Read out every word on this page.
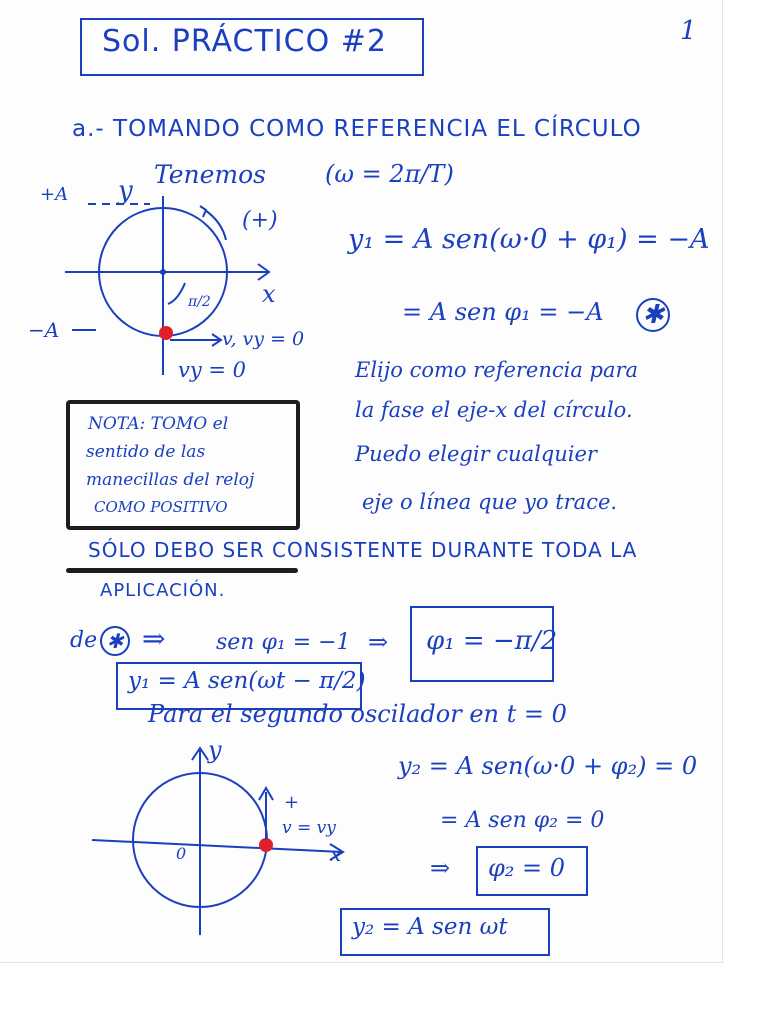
Sol. PRÁCTICO #2	1
a.- TOMANDO COMO REFERENCIA EL CÍRCULO
Tenemos (ω = 2π/T)
+A y
(+)
x
π/2
−A	v, vy = 0
vy = 0
y₁ = A sen(ω·0 + φ₁) = −A
= A sen φ₁ = −A ✱
Elijo como referencia para
la fase el eje-x del círculo.
Puedo elegir cualquier
eje o línea que yo trace.
NOTA: TOMO el
sentido de las
manecillas del reloj
COMO POSITIVO
SÓLO DEBO SER CONSISTENTE DURANTE TODA LA
APLICACIÓN.
de ✱ ⇒ sen φ₁ = −1 ⇒ φ₁ = −π/2
y₁ = A sen(ωt − π/2)
Para el segundo oscilador en t = 0
y
+
v = vy
0	x
y₂ = A sen(ω·0 + φ₂) = 0
= A sen φ₂ = 0
⇒ φ₂ = 0
y₂ = A sen ωt
